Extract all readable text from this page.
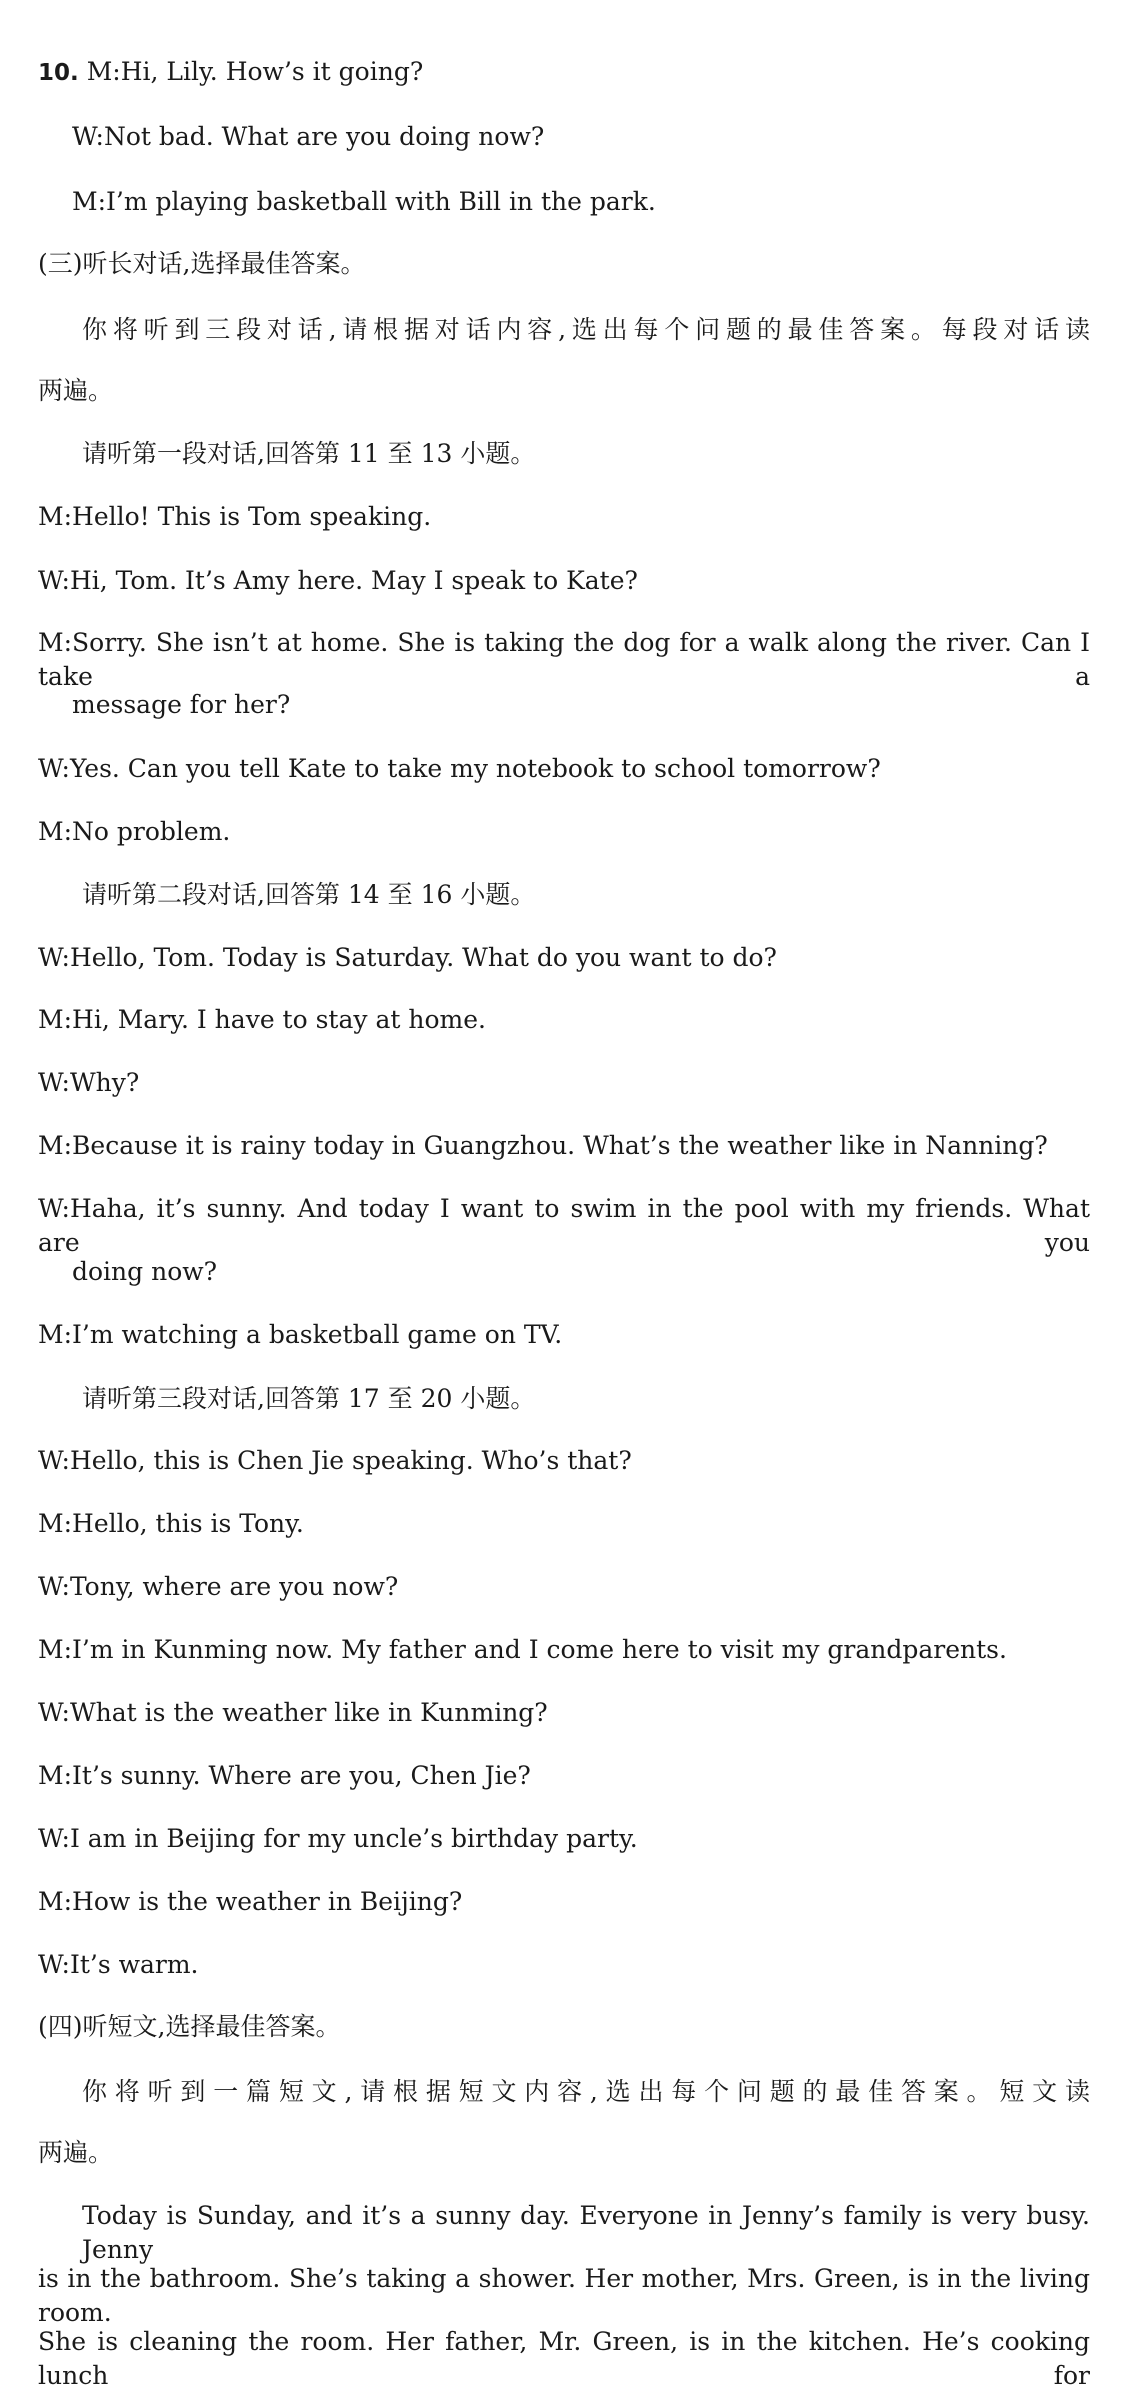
10. M:Hi, Lily. How’s it going?
W:Not bad. What are you doing now?
M:I’m playing basketball with Bill in the park.
(三)听长对话,选择最佳答案。
你将听到三段对话,请根据对话内容,选出每个问题的最佳答案。每段对话读
两遍。
请听第一段对话,回答第 11 至 13 小题。
M:Hello! This is Tom speaking.
W:Hi, Tom. It’s Amy here. May I speak to Kate?
M:Sorry. She isn’t at home. She is taking the dog for a walk along the river. Can I take a
message for her?
W:Yes. Can you tell Kate to take my notebook to school tomorrow?
M:No problem.
请听第二段对话,回答第 14 至 16 小题。
W:Hello, Tom. Today is Saturday. What do you want to do?
M:Hi, Mary. I have to stay at home.
W:Why?
M:Because it is rainy today in Guangzhou. What’s the weather like in Nanning?
W:Haha, it’s sunny. And today I want to swim in the pool with my friends. What are you
doing now?
M:I’m watching a basketball game on TV.
请听第三段对话,回答第 17 至 20 小题。
W:Hello, this is Chen Jie speaking. Who’s that?
M:Hello, this is Tony.
W:Tony, where are you now?
M:I’m in Kunming now. My father and I come here to visit my grandparents.
W:What is the weather like in Kunming?
M:It’s sunny. Where are you, Chen Jie?
W:I am in Beijing for my uncle’s birthday party.
M:How is the weather in Beijing?
W:It’s warm.
(四)听短文,选择最佳答案。
你将听到一篇短文,请根据短文内容,选出每个问题的最佳答案。短文读
两遍。
Today is Sunday, and it’s a sunny day. Everyone in Jenny’s family is very busy. Jenny
is in the bathroom. She’s taking a shower. Her mother, Mrs. Green, is in the living room.
She is cleaning the room. Her father, Mr. Green, is in the kitchen. He’s cooking lunch for
